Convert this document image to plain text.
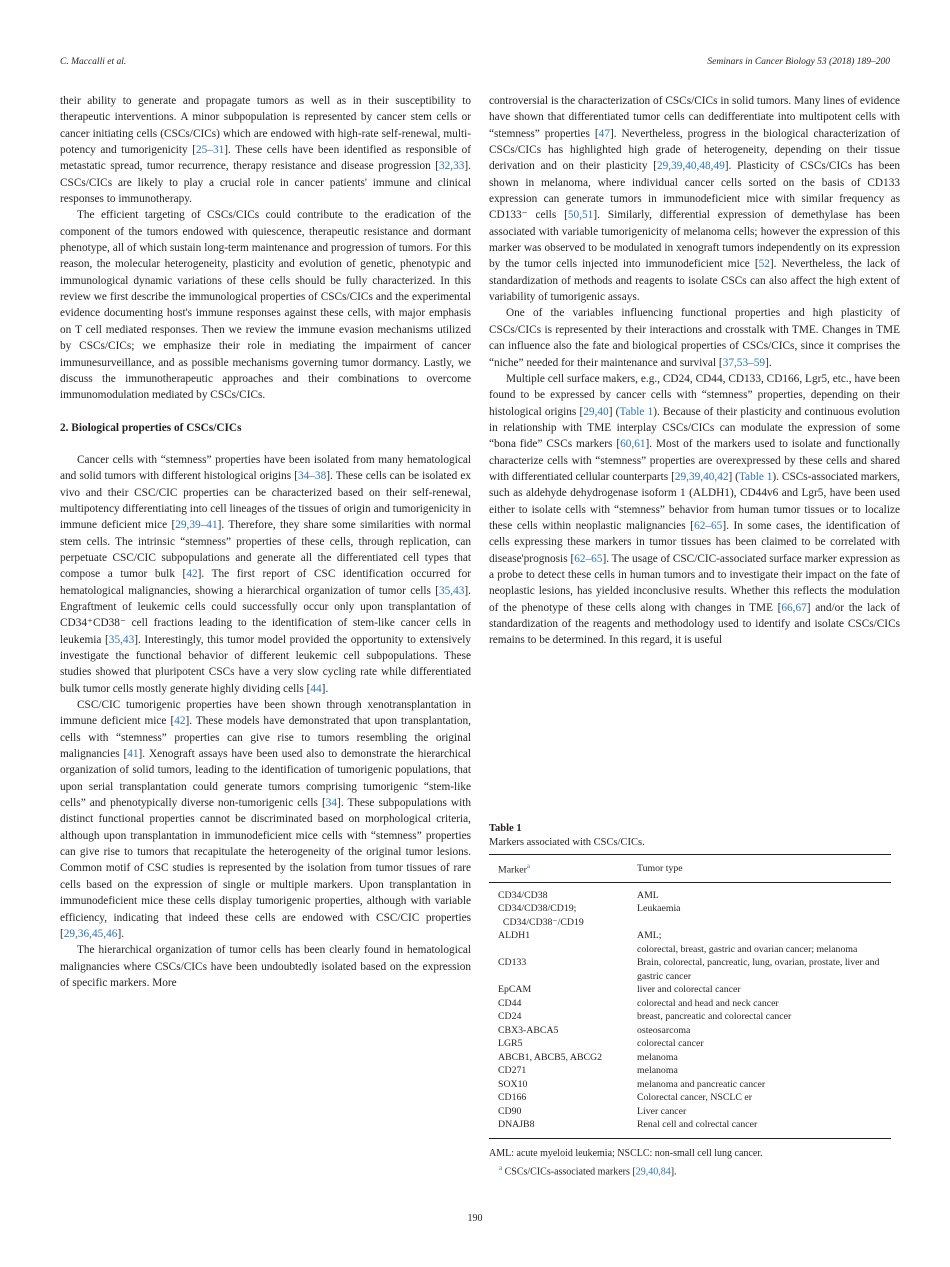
C. Maccalli et al.	Seminars in Cancer Biology 53 (2018) 189–200

their ability to generate and propagate tumors as well as in their susceptibility to therapeutic interventions. A minor subpopulation is represented by cancer stem cells or cancer initiating cells (CSCs/CICs) which are endowed with high-rate self-renewal, multi-potency and tumorigenicity [25–31]. These cells have been identified as responsible of metastatic spread, tumor recurrence, therapy resistance and disease progression [32,33]. CSCs/CICs are likely to play a crucial role in cancer patients' immune and clinical responses to immunotherapy.

The efficient targeting of CSCs/CICs could contribute to the eradication of the component of the tumors endowed with quiescence, therapeutic resistance and dormant phenotype, all of which sustain long-term maintenance and progression of tumors. For this reason, the molecular heterogeneity, plasticity and evolution of genetic, phenotypic and immunological dynamic variations of these cells should be fully characterized. In this review we first describe the immunological properties of CSCs/CICs and the experimental evidence documenting host's immune responses against these cells, with major emphasis on T cell mediated responses. Then we review the immune evasion mechanisms utilized by CSCs/CICs; we emphasize their role in mediating the impairment of cancer immunesurveillance, and as possible mechanisms governing tumor dormancy. Lastly, we discuss the immunotherapeutic approaches and their combinations to overcome immunomodulation mediated by CSCs/CICs.

2. Biological properties of CSCs/CICs

Cancer cells with “stemness” properties have been isolated from many hematological and solid tumors with different histological origins [34–38]. These cells can be isolated ex vivo and their CSC/CIC properties can be characterized based on their self-renewal, multipotency differentiating into cell lineages of the tissues of origin and tumorigenicity in immune deficient mice [29,39–41]. Therefore, they share some similarities with normal stem cells. The intrinsic “stemness” properties of these cells, through replication, can perpetuate CSC/CIC subpopulations and generate all the differentiated cell types that compose a tumor bulk [42]. The first report of CSC identification occurred for hematological malignancies, showing a hierarchical organization of tumor cells [35,43]. Engraftment of leukemic cells could successfully occur only upon transplantation of CD34⁺CD38⁻ cell fractions leading to the identification of stem-like cancer cells in leukemia [35,43]. Interestingly, this tumor model provided the opportunity to extensively investigate the functional behavior of different leukemic cell subpopulations. These studies showed that pluripotent CSCs have a very slow cycling rate while differentiated bulk tumor cells mostly generate highly dividing cells [44].

CSC/CIC tumorigenic properties have been shown through xenotransplantation in immune deficient mice [42]. These models have demonstrated that upon transplantation, cells with “stemness” properties can give rise to tumors resembling the original malignancies [41]. Xenograft assays have been used also to demonstrate the hierarchical organization of solid tumors, leading to the identification of tumorigenic populations, that upon serial transplantation could generate tumors comprising tumorigenic “stem-like cells” and phenotypically diverse non-tumorigenic cells [34]. These subpopulations with distinct functional properties cannot be discriminated based on morphological criteria, although upon transplantation in immunodeficient mice cells with “stemness” properties can give rise to tumors that recapitulate the heterogeneity of the original tumor lesions. Common motif of CSC studies is represented by the isolation from tumor tissues of rare cells based on the expression of single or multiple markers. Upon transplantation in immunodeficient mice these cells display tumorigenic properties, although with variable efficiency, indicating that indeed these cells are endowed with CSC/CIC properties [29,36,45,46].

The hierarchical organization of tumor cells has been clearly found in hematological malignancies where CSCs/CICs have been undoubtedly isolated based on the expression of specific markers. More

controversial is the characterization of CSCs/CICs in solid tumors. Many lines of evidence have shown that differentiated tumor cells can dedifferentiate into multipotent cells with “stemness” properties [47]. Nevertheless, progress in the biological characterization of CSCs/CICs has highlighted high grade of heterogeneity, depending on their tissue derivation and on their plasticity [29,39,40,48,49]. Plasticity of CSCs/CICs has been shown in melanoma, where individual cancer cells sorted on the basis of CD133 expression can generate tumors in immunodeficient mice with similar frequency as CD133⁻ cells [50,51]. Similarly, differential expression of demethylase has been associated with variable tumorigenicity of melanoma cells; however the expression of this marker was observed to be modulated in xenograft tumors independently on its expression by the tumor cells injected into immunodeficient mice [52]. Nevertheless, the lack of standardization of methods and reagents to isolate CSCs can also affect the high extent of variability of tumorigenic assays.

One of the variables influencing functional properties and high plasticity of CSCs/CICs is represented by their interactions and crosstalk with TME. Changes in TME can influence also the fate and biological properties of CSCs/CICs, since it comprises the “niche” needed for their maintenance and survival [37,53–59].

Multiple cell surface makers, e.g., CD24, CD44, CD133, CD166, Lgr5, etc., have been found to be expressed by cancer cells with “stemness” properties, depending on their histological origins [29,40] (Table 1). Because of their plasticity and continuous evolution in relationship with TME interplay CSCs/CICs can modulate the expression of some “bona fide” CSCs markers [60,61]. Most of the markers used to isolate and functionally characterize cells with “stemness” properties are overexpressed by these cells and shared with differentiated cellular counterparts [29,39,40,42] (Table 1). CSCs-associated markers, such as aldehyde dehydrogenase isoform 1 (ALDH1), CD44v6 and Lgr5, have been used either to isolate cells with “stemness” behavior from human tumor tissues or to localize these cells within neoplastic malignancies [62–65]. In some cases, the identification of cells expressing these markers in tumor tissues has been claimed to be correlated with disease'prognosis [62–65]. The usage of CSC/CIC-associated surface marker expression as a probe to detect these cells in human tumors and to investigate their impact on the fate of neoplastic lesions, has yielded inconclusive results. Whether this reflects the modulation of the phenotype of these cells along with changes in TME [66,67] and/or the lack of standardization of the reagents and methodology used to identify and isolate CSCs/CICs remains to be determined. In this regard, it is useful

Table 1
Markers associated with CSCs/CICs.
Marker$^a$	Tumor type
CD34/CD38	AML
CD34/CD38/CD19;
CD34/CD38⁻/CD19	Leukaemia
ALDH1	AML;
colorectal, breast, gastric and ovarian cancer; melanoma
CD133	Brain, colorectal, pancreatic, lung, ovarian, prostate, liver and gastric cancer
EpCAM	liver and colorectal cancer
CD44	colorectal and head and neck cancer
CD24	breast, pancreatic and colorectal cancer
CBX3-ABCA5	osteosarcoma
LGR5	colorectal cancer
ABCB1, ABCB5, ABCG2	melanoma
CD271	melanoma
SOX10	melanoma and pancreatic cancer
CD166	Colorectal cancer, NSCLC er
CD90	Liver cancer
DNAJB8	Renal cell and colrectal cancer
AML: acute myeloid leukemia; NSCLC: non-small cell lung cancer.
$^a$ CSCs/CICs-associated markers [29,40,84].
190
